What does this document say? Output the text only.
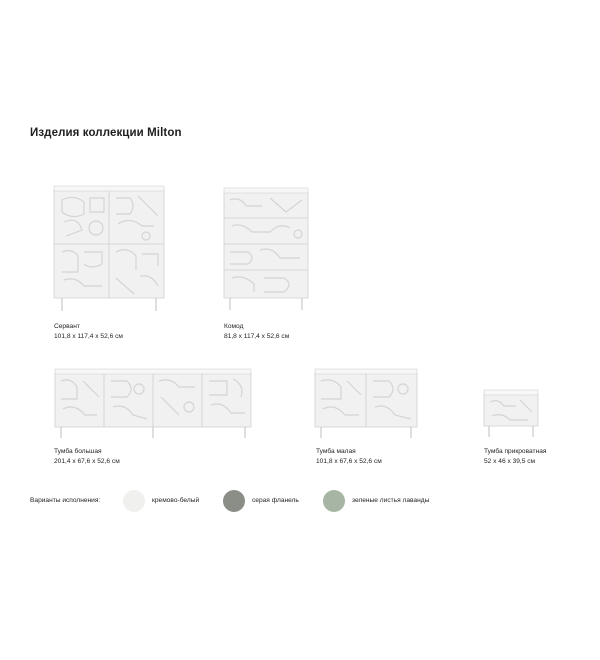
Изделия коллекции Milton
Сервант
101,8 x 117,4 x 52,6 см
Комод
81,8 x 117,4 x 52,6 см
Тумба большая
201,4 x 67,6 x 52,6 см
Тумба малая
101,8 x 67,6 x 52,6 см
Тумба прикроватная
52 x 46 x 39,5 см
Варианты исполнения:	кремово-белый	серая фланель	зеленые листья лаванды
